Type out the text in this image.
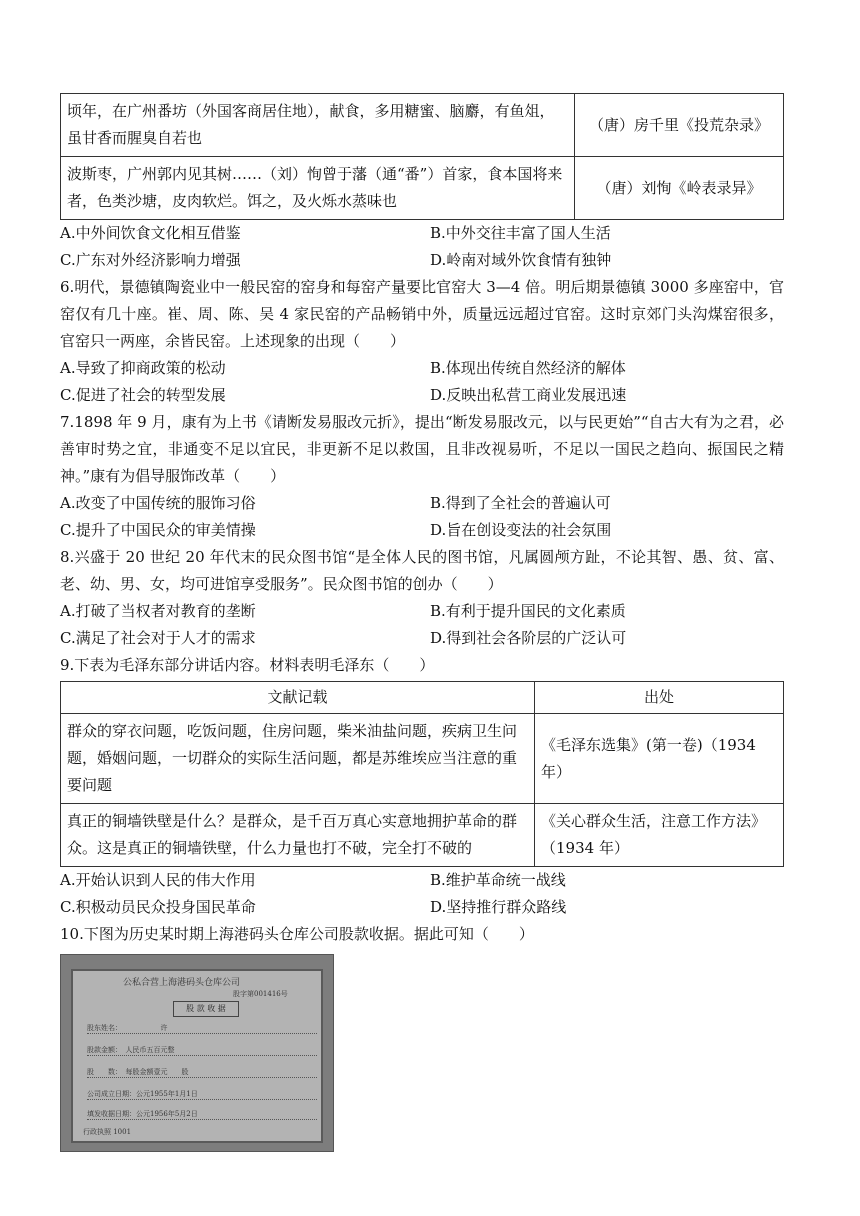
顷年，在广州番坊（外国客商居住地），献食，多用糖蜜、脑麝，有鱼俎，虽甘香而腥臭自若也	（唐）房千里《投荒杂录》
波斯枣，广州郭内见其树……（刘）恂曾于藩（通“番”）首家，食本国将来者，色类沙塘，皮肉软烂。饵之，及火烁水蒸味也	（唐）刘恂《岭表录异》
A.中外间饮食文化相互借鉴	B.中外交往丰富了国人生活
C.广东对外经济影响力增强	D.岭南对域外饮食情有独钟

6.明代，景德镇陶瓷业中一般民窑的窑身和每窑产量要比官窑大 3—4 倍。明后期景德镇 3000 多座窑中，官窑仅有几十座。崔、周、陈、吴 4 家民窑的产品畅销中外，质量远远超过官窑。这时京郊门头沟煤窑很多，官窑只一两座，余皆民窑。上述现象的出现（　　）

A.导致了抑商政策的松动	B.体现出传统自然经济的解体
C.促进了社会的转型发展	D.反映出私营工商业发展迅速

7.1898 年 9 月，康有为上书《请断发易服改元折》，提出“断发易服改元，以与民更始”“自古大有为之君，必善审时势之宜，非通变不足以宜民，非更新不足以救国，且非改视易听，不足以一国民之趋向、振国民之精神。”康有为倡导服饰改革（　　）

A.改变了中国传统的服饰习俗	B.得到了全社会的普遍认可
C.提升了中国民众的审美情操	D.旨在创设变法的社会氛围

8.兴盛于 20 世纪 20 年代末的民众图书馆“是全体人民的图书馆，凡属圆颅方趾，不论其智、愚、贫、富、老、幼、男、女，均可进馆享受服务”。民众图书馆的创办（　　）

A.打破了当权者对教育的垄断	B.有利于提升国民的文化素质
C.满足了社会对于人才的需求	D.得到社会各阶层的广泛认可

9.下表为毛泽东部分讲话内容。材料表明毛泽东（　　）

文献记载	出处
群众的穿衣问题，吃饭问题，住房问题，柴米油盐问题，疾病卫生问题，婚姻问题，一切群众的实际生活问题，都是苏维埃应当注意的重要问题	《毛泽东选集》(第一卷)（1934 年）
真正的铜墙铁壁是什么？是群众，是千百万真心实意地拥护革命的群众。这是真正的铜墙铁壁，什么力量也打不破，完全打不破的	《关心群众生活，注意工作方法》（1934 年）
A.开始认识到人民的伟大作用	B.维护革命统一战线
C.积极动员民众投身国民革命	D.坚持推行群众路线

10.下图为历史某时期上海港码头仓库公司股款收据。据此可知（　　）

公私合营上海港码头仓库公司
股字第001416号
股 款 收 据
股东姓名：　　　　　　许
股款金额：　人民币五百元整
股　　数：　每股金额壹元　　股
公司成立日期：公元1955年1月1日
填发收据日期：公元1956年5月2日
行政执照 1001
